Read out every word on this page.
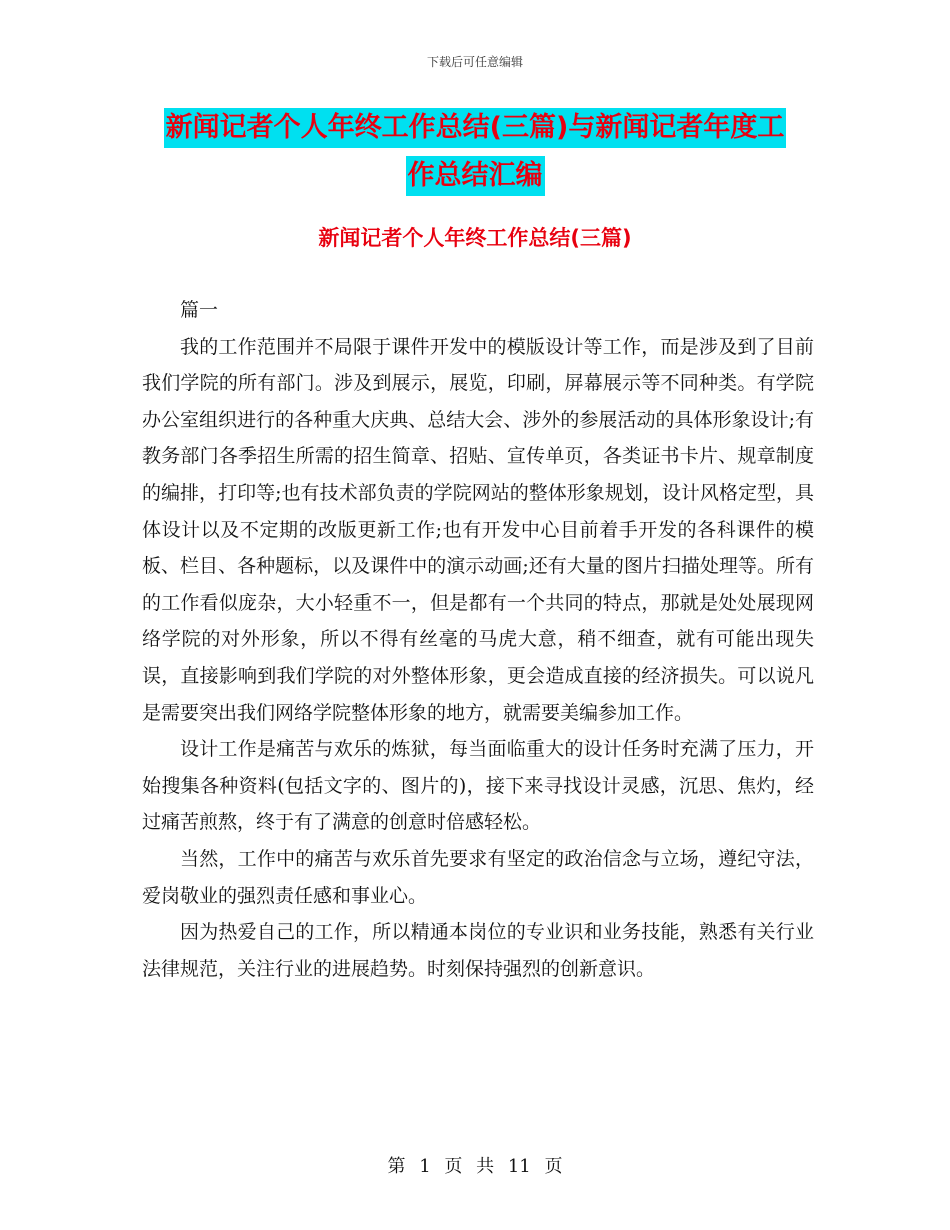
下载后可任意编辑
新闻记者个人年终工作总结(三篇)与新闻记者年度工
作总结汇编
新闻记者个人年终工作总结(三篇)

篇一

我的工作范围并不局限于课件开发中的模版设计等工作，而是涉及到了目前我们学院的所有部门。涉及到展示，展览，印刷，屏幕展示等不同种类。有学院办公室组织进行的各种重大庆典、总结大会、涉外的参展活动的具体形象设计;有教务部门各季招生所需的招生简章、招贴、宣传单页，各类证书卡片、规章制度的编排，打印等;也有技术部负责的学院网站的整体形象规划，设计风格定型，具体设计以及不定期的改版更新工作;也有开发中心目前着手开发的各科课件的模板、栏目、各种题标，以及课件中的演示动画;还有大量的图片扫描处理等。所有的工作看似庞杂，大小轻重不一，但是都有一个共同的特点，那就是处处展现网络学院的对外形象，所以不得有丝毫的马虎大意，稍不细查，就有可能出现失误，直接影响到我们学院的对外整体形象，更会造成直接的经济损失。可以说凡是需要突出我们网络学院整体形象的地方，就需要美编参加工作。

设计工作是痛苦与欢乐的炼狱，每当面临重大的设计任务时充满了压力，开始搜集各种资料(包括文字的、图片的)，接下来寻找设计灵感，沉思、焦灼，经过痛苦煎熬，终于有了满意的创意时倍感轻松。

当然，工作中的痛苦与欢乐首先要求有坚定的政治信念与立场，遵纪守法，爱岗敬业的强烈责任感和事业心。

因为热爱自己的工作，所以精通本岗位的专业识和业务技能，熟悉有关行业法律规范，关注行业的进展趋势。时刻保持强烈的创新意识。

第 1 页 共 11 页
